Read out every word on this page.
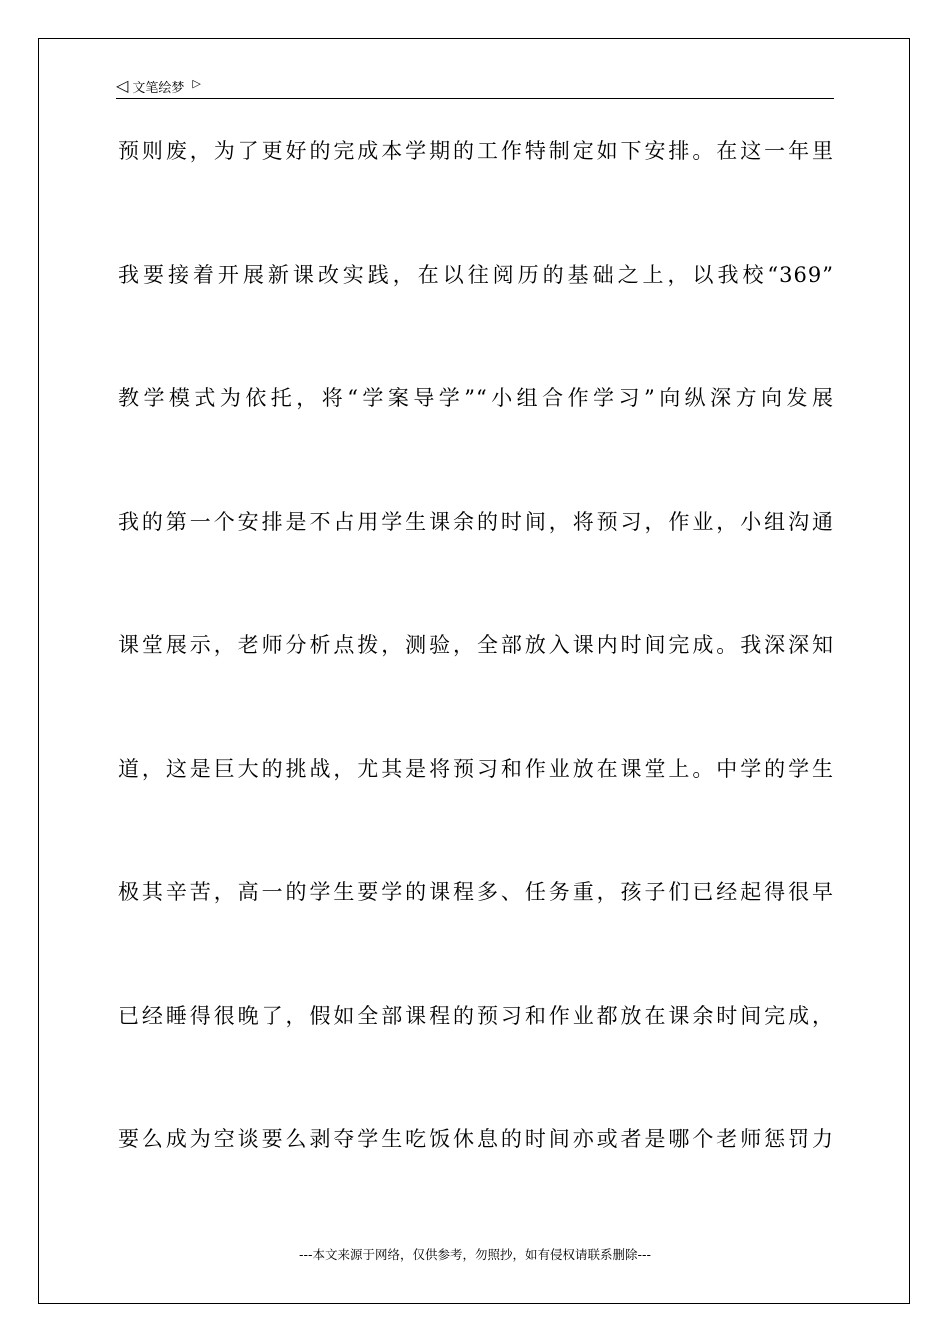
◁ 文笔绘梦 ▷
预则废，为了更好的完成本学期的工作特制定如下安排。在这一年里
我要接着开展新课改实践，在以往阅历的基础之上，以我校“369”
教学模式为依托，将“学案导学”“小组合作学习”向纵深方向发展
我的第一个安排是不占用学生课余的时间，将预习，作业，小组沟通
课堂展示，老师分析点拨，测验，全部放入课内时间完成。我深深知
道，这是巨大的挑战，尤其是将预习和作业放在课堂上。中学的学生
极其辛苦，高一的学生要学的课程多、任务重，孩子们已经起得很早
已经睡得很晚了，假如全部课程的预习和作业都放在课余时间完成，
要么成为空谈要么剥夺学生吃饭休息的时间亦或者是哪个老师惩罚力
---本文来源于网络，仅供参考，勿照抄，如有侵权请联系删除---
